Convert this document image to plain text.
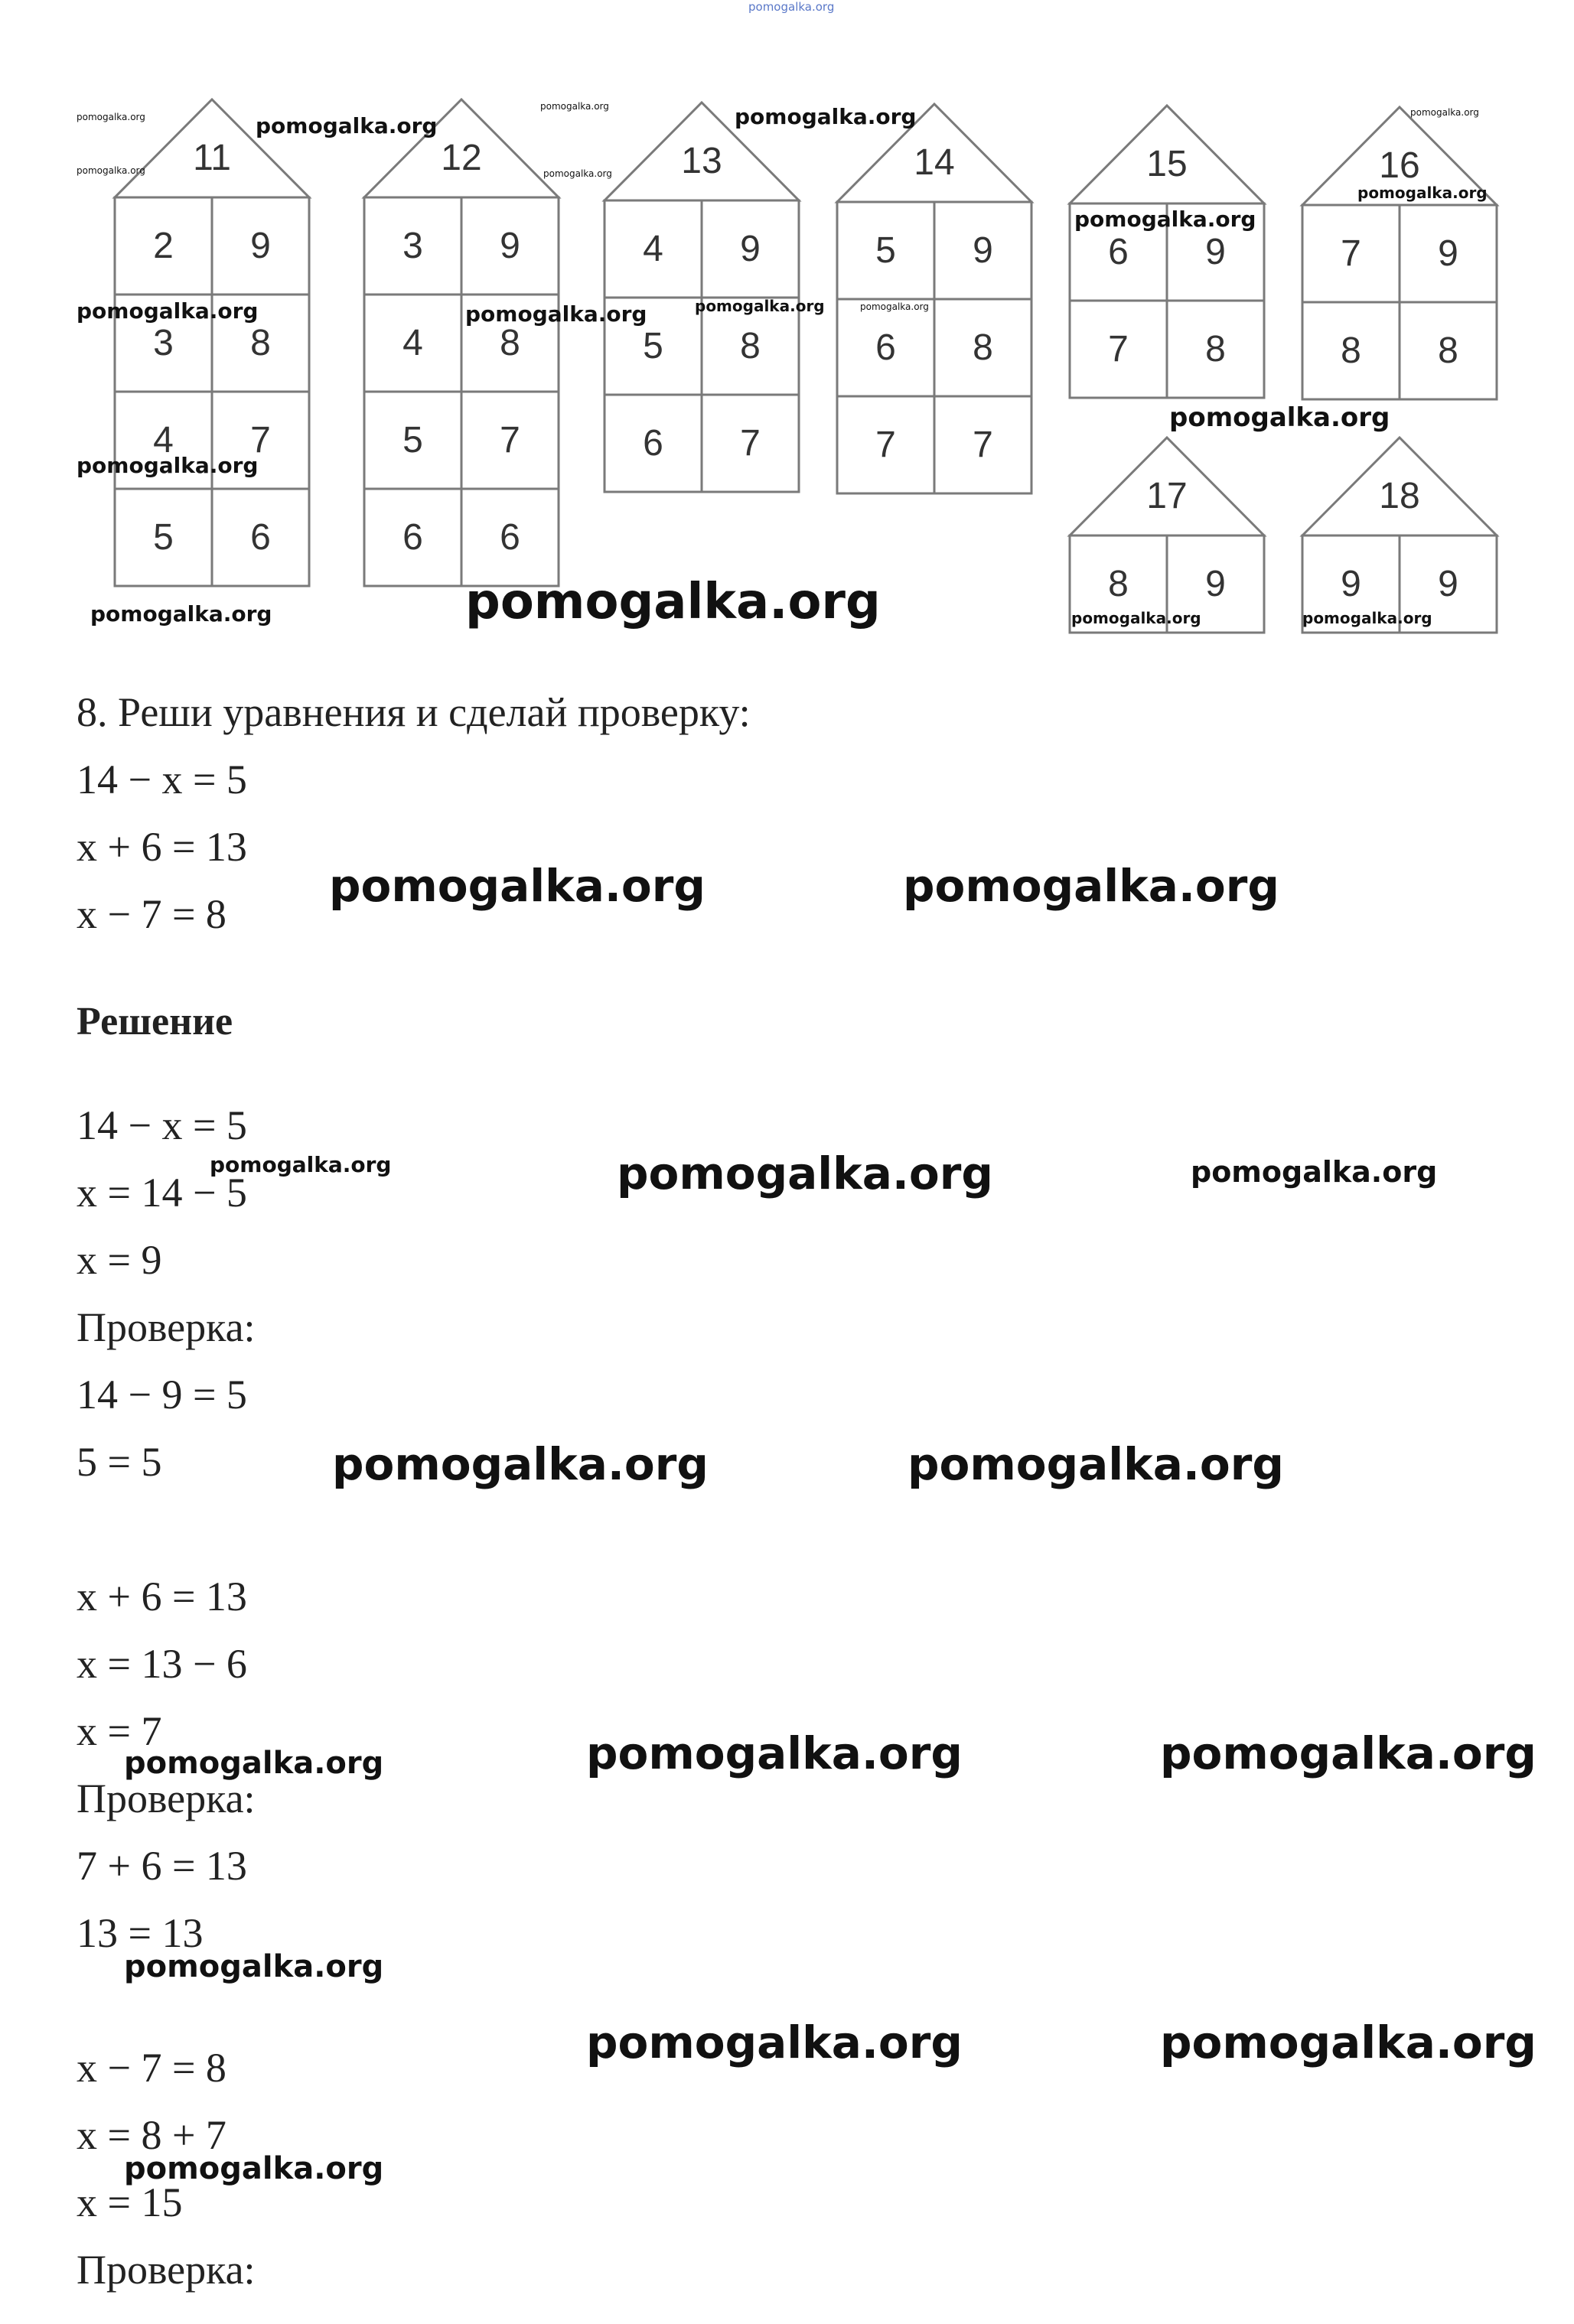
pomogalka.org
11
2	9
3	8
4	7
5	6
12
3	9
4	8
5	7
6	6
13
4	9
5	8
6	7
14
5	9
6	8
7	7
15
6	9
7	8
16
7	9
8	8
17
8	9
18
9	9
pomogalka.org
pomogalka.org
pomogalka.org
pomogalka.org
pomogalka.org
pomogalka.org	pomogalka.org
pomogalka.org
pomogalka.org
pomogalka.org	pomogalka.org	pomogalka.org	pomogalka.org
pomogalka.org
pomogalka.org
pomogalka.org	pomogalka.org	pomogalka.org	pomogalka.org
8. Реши уравнения и сделай проверку:
14 − x = 5
x + 6 = 13
x − 7 = 8
pomogalka.org	pomogalka.org
Решение
14 − x = 5
x = 14 − 5
x = 9
Проверка:
14 − 9 = 5
5 = 5
pomogalka.org	pomogalka.org	pomogalka.org
pomogalka.org	pomogalka.org
x + 6 = 13
x = 13 − 6
x = 7
Проверка:
7 + 6 = 13
13 = 13
pomogalka.org	pomogalka.org	pomogalka.org
pomogalka.org
x − 7 = 8
x = 8 + 7
x = 15
Проверка:
pomogalka.org	pomogalka.org
pomogalka.org
